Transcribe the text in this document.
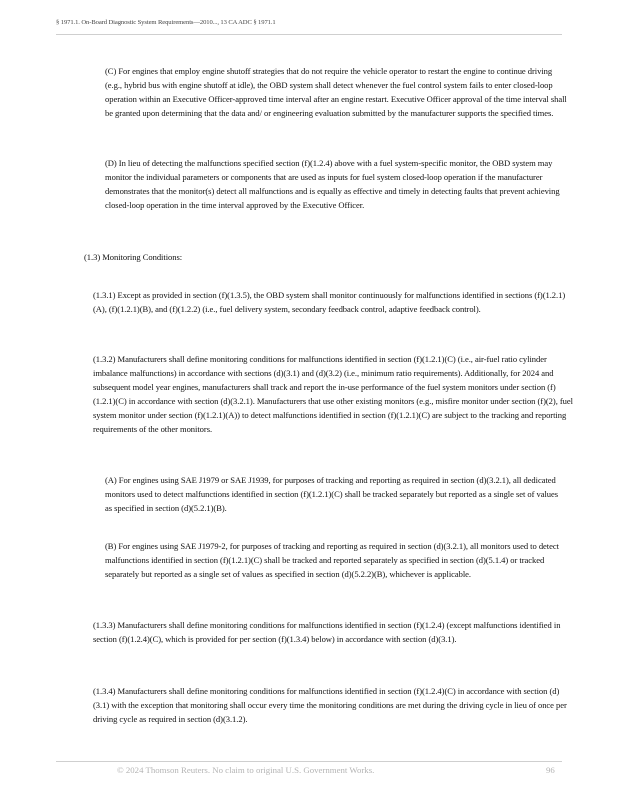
§ 1971.1. On-Board Diagnostic System Requirements—2010..., 13 CA ADC § 1971.1

(C) For engines that employ engine shutoff strategies that do not require the vehicle operator to restart the engine to continue driving (e.g., hybrid bus with engine shutoff at idle), the OBD system shall detect whenever the fuel control system fails to enter closed-loop operation within an Executive Officer-approved time interval after an engine restart. Executive Officer approval of the time interval shall be granted upon determining that the data and/ or engineering evaluation submitted by the manufacturer supports the specified times.

(D) In lieu of detecting the malfunctions specified section (f)(1.2.4) above with a fuel system-specific monitor, the OBD system may monitor the individual parameters or components that are used as inputs for fuel system closed-loop operation if the manufacturer demonstrates that the monitor(s) detect all malfunctions and is equally as effective and timely in detecting faults that prevent achieving closed-loop operation in the time interval approved by the Executive Officer.

(1.3) Monitoring Conditions:

(1.3.1) Except as provided in section (f)(1.3.5), the OBD system shall monitor continuously for malfunctions identified in sections (f)(1.2.1)(A), (f)(1.2.1)(B), and (f)(1.2.2) (i.e., fuel delivery system, secondary feedback control, adaptive feedback control).

(1.3.2) Manufacturers shall define monitoring conditions for malfunctions identified in section (f)(1.2.1)(C) (i.e., air-fuel ratio cylinder imbalance malfunctions) in accordance with sections (d)(3.1) and (d)(3.2) (i.e., minimum ratio requirements). Additionally, for 2024 and subsequent model year engines, manufacturers shall track and report the in-use performance of the fuel system monitors under section (f)(1.2.1)(C) in accordance with section (d)(3.2.1). Manufacturers that use other existing monitors (e.g., misfire monitor under section (f)(2), fuel system monitor under section (f)(1.2.1)(A)) to detect malfunctions identified in section (f)(1.2.1)(C) are subject to the tracking and reporting requirements of the other monitors.

(A) For engines using SAE J1979 or SAE J1939, for purposes of tracking and reporting as required in section (d)(3.2.1), all dedicated monitors used to detect malfunctions identified in section (f)(1.2.1)(C) shall be tracked separately but reported as a single set of values as specified in section (d)(5.2.1)(B).

(B) For engines using SAE J1979-2, for purposes of tracking and reporting as required in section (d)(3.2.1), all monitors used to detect malfunctions identified in section (f)(1.2.1)(C) shall be tracked and reported separately as specified in section (d)(5.1.4) or tracked separately but reported as a single set of values as specified in section (d)(5.2.2)(B), whichever is applicable.

(1.3.3) Manufacturers shall define monitoring conditions for malfunctions identified in section (f)(1.2.4) (except malfunctions identified in section (f)(1.2.4)(C), which is provided for per section (f)(1.3.4) below) in accordance with section (d)(3.1).

(1.3.4) Manufacturers shall define monitoring conditions for malfunctions identified in section (f)(1.2.4)(C) in accordance with section (d)(3.1) with the exception that monitoring shall occur every time the monitoring conditions are met during the driving cycle in lieu of once per driving cycle as required in section (d)(3.1.2).

© 2024 Thomson Reuters. No claim to original U.S. Government Works.	96
